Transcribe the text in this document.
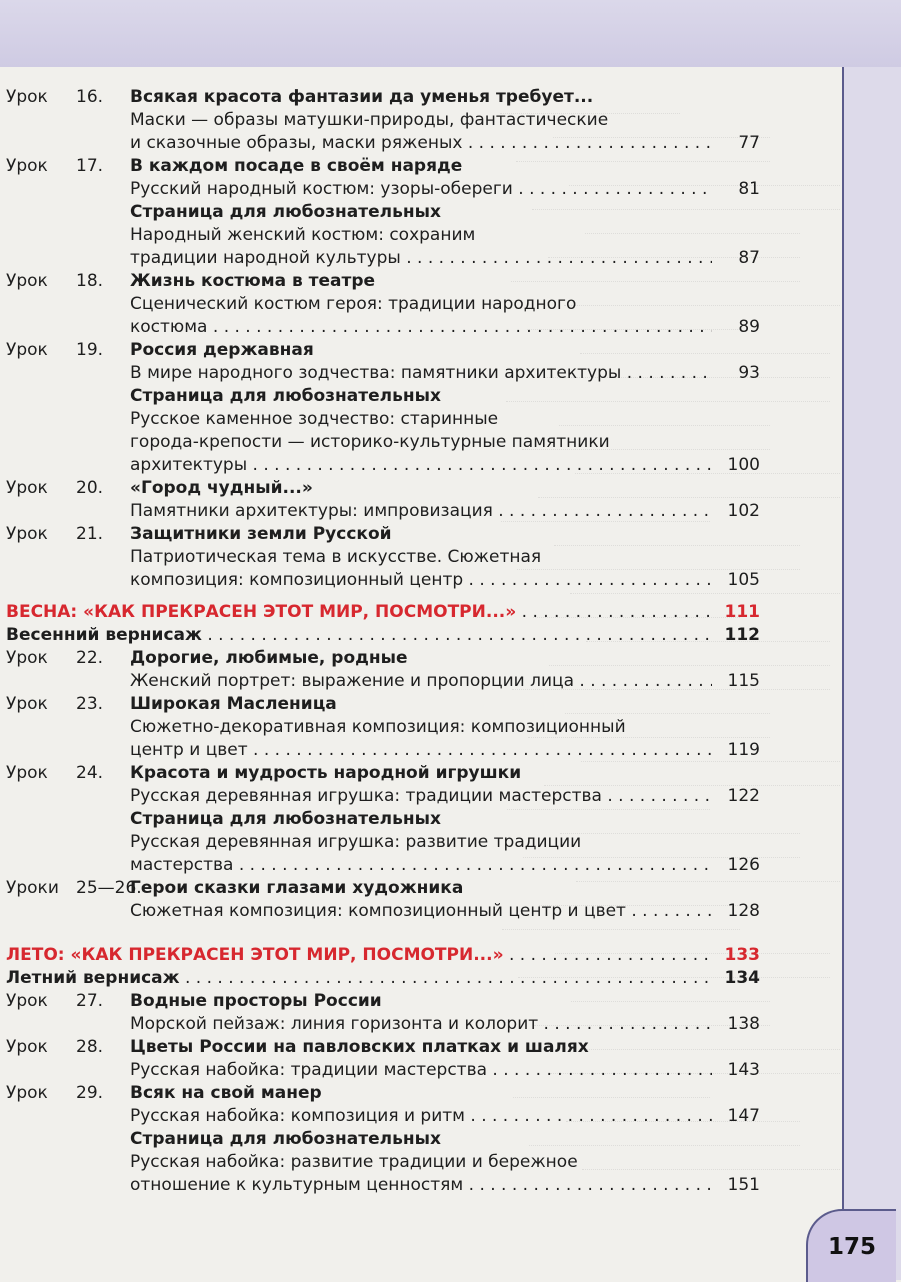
Урок 16. Всякая красота фантазии да уменья требует...
Маски — образы матушки-природы, фантастические
и сказочные образы, маски ряженых . . .	77
Урок 17. В каждом посаде в своём наряде
Русский народный костюм: узоры-обереги . . .	81
Страница для любознательных
Народный женский костюм: сохраним
традиции народной культуры . . .	87
Урок 18. Жизнь костюма в театре
Сценический костюм героя: традиции народного
костюма . . .	89
Урок 19. Россия державная
В мире народного зодчества: памятники архитектуры . . .	93
Страница для любознательных
Русское каменное зодчество: старинные
города-крепости — историко-культурные памятники
архитектуры . . .	100
Урок 20. «Город чудный...»
Памятники архитектуры: импровизация . . .	102
Урок 21. Защитники земли Русской
Патриотическая тема в искусстве. Сюжетная
композиция: композиционный центр . . .	105
ВЕСНА: «КАК ПРЕКРАСЕН ЭТОТ МИР, ПОСМОТРИ...» . . .	111
Весенний вернисаж . . .	112
Урок 22. Дорогие, любимые, родные
Женский портрет: выражение и пропорции лица . . .	115
Урок 23. Широкая Масленица
Сюжетно-декоративная композиция: композиционный
центр и цвет . . .	119
Урок 24. Красота и мудрость народной игрушки
Русская деревянная игрушка: традиции мастерства . . .	122
Страница для любознательных
Русская деревянная игрушка: развитие традиции
мастерства . . .	126
Уроки 25—26.
Герои сказки глазами художника
Сюжетная композиция: композиционный центр и цвет . . .	128
ЛЕТО: «КАК ПРЕКРАСЕН ЭТОТ МИР, ПОСМОТРИ...» . . .	133
Летний вернисаж . . .	134
Урок 27. Водные просторы России
Морской пейзаж: линия горизонта и колорит . . .	138
Урок 28. Цветы России на павловских платках и шалях
Русская набойка: традиции мастерства . . .	143
Урок 29. Всяк на свой манер
Русская набойка: композиция и ритм . . .	147
Страница для любознательных
Русская набойка: развитие традиции и бережное
отношение к культурным ценностям . . .	151
175
